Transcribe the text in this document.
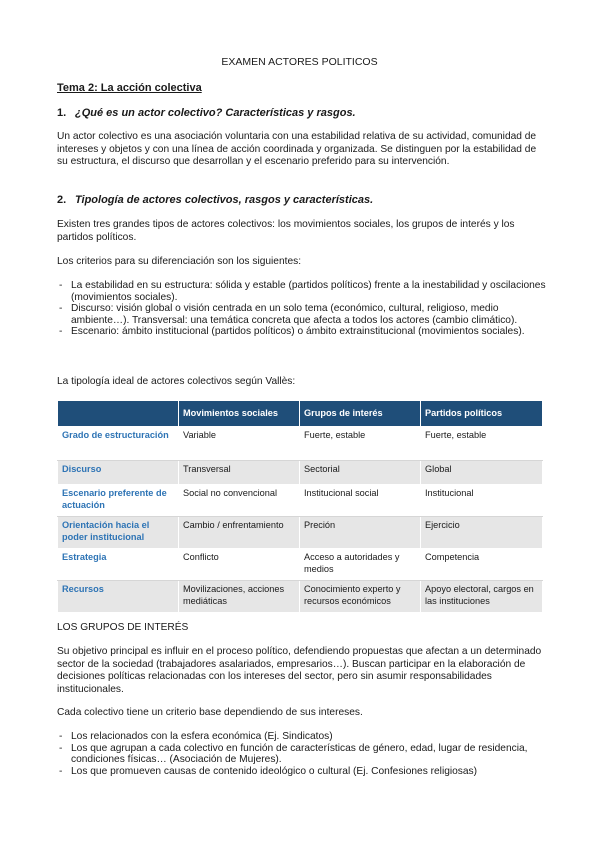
EXAMEN ACTORES POLITICOS
Tema 2: La acción colectiva
1. ¿Qué es un actor colectivo? Características y rasgos.

Un actor colectivo es una asociación voluntaria con una estabilidad relativa de su actividad, comunidad de intereses y objetos y con una línea de acción coordinada y organizada. Se distinguen por la estabilidad de su estructura, el discurso que desarrollan y el escenario preferido para su intervención.

2. Tipología de actores colectivos, rasgos y características.

Existen tres grandes tipos de actores colectivos: los movimientos sociales, los grupos de interés y los partidos políticos.

Los criterios para su diferenciación son los siguientes:

- La estabilidad en su estructura: sólida y estable (partidos políticos) frente a la inestabilidad y oscilaciones (movimientos sociales).
- Discurso: visión global o visión centrada en un solo tema (económico, cultural, religioso, medio ambiente…). Transversal: una temática concreta que afecta a todos los actores (cambio climático).
- Escenario: ámbito institucional (partidos políticos) o ámbito extrainstitucional (movimientos sociales).

La tipología ideal de actores colectivos según Vallès:

	Movimientos sociales	Grupos de interés	Partidos políticos
Grado de estructuración	Variable	Fuerte, estable	Fuerte, estable
Discurso	Transversal	Sectorial	Global
Escenario preferente de actuación	Social no convencional	Institucional social	Institucional
Orientación hacia el poder institucional	Cambio / enfrentamiento	Preción	Ejercicio
Estrategia	Conflicto	Acceso a autoridades y medios	Competencia
Recursos	Movilizaciones, acciones mediáticas	Conocimiento experto y recursos económicos	Apoyo electoral, cargos en las instituciones

LOS GRUPOS DE INTERÉS

Su objetivo principal es influir en el proceso político, defendiendo propuestas que afectan a un determinado sector de la sociedad (trabajadores asalariados, empresarios…). Buscan participar en la elaboración de decisiones políticas relacionadas con los intereses del sector, pero sin asumir responsabilidades institucionales.

Cada colectivo tiene un criterio base dependiendo de sus intereses.

- Los relacionados con la esfera económica (Ej. Sindicatos)
- Los que agrupan a cada colectivo en función de características de género, edad, lugar de residencia, condiciones físicas… (Asociación de Mujeres).
- Los que promueven causas de contenido ideológico o cultural (Ej. Confesiones religiosas)
